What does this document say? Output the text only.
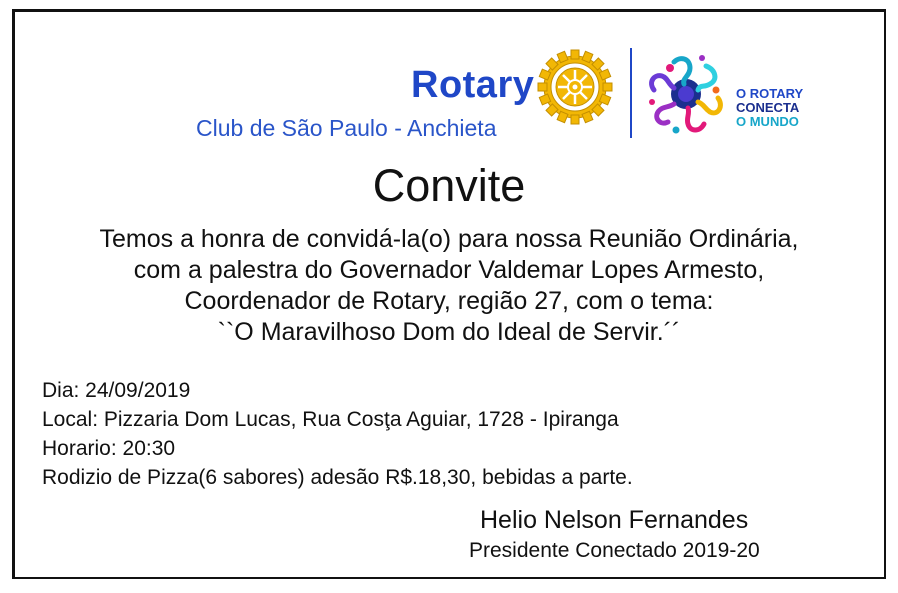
Rotary
Club de São Paulo - Anchieta
O ROTARY
CONECTA
O MUNDO
Convite
Temos a honra de convidá-la(o) para nossa Reunião Ordinária,
com a palestra do Governador Valdemar Lopes Armesto,
Coordenador de Rotary, região 27, com o tema:
``O Maravilhoso Dom do Ideal de Servir.´´
Dia: 24/09/2019
Local: Pizzaria Dom Lucas, Rua Cosţa Aguiar, 1728 - Ipiranga
Horario: 20:30
Rodizio de Pizza(6 sabores) adesão R$.18,30, bebidas a parte.
Helio Nelson Fernandes
Presidente Conectado 2019-20
